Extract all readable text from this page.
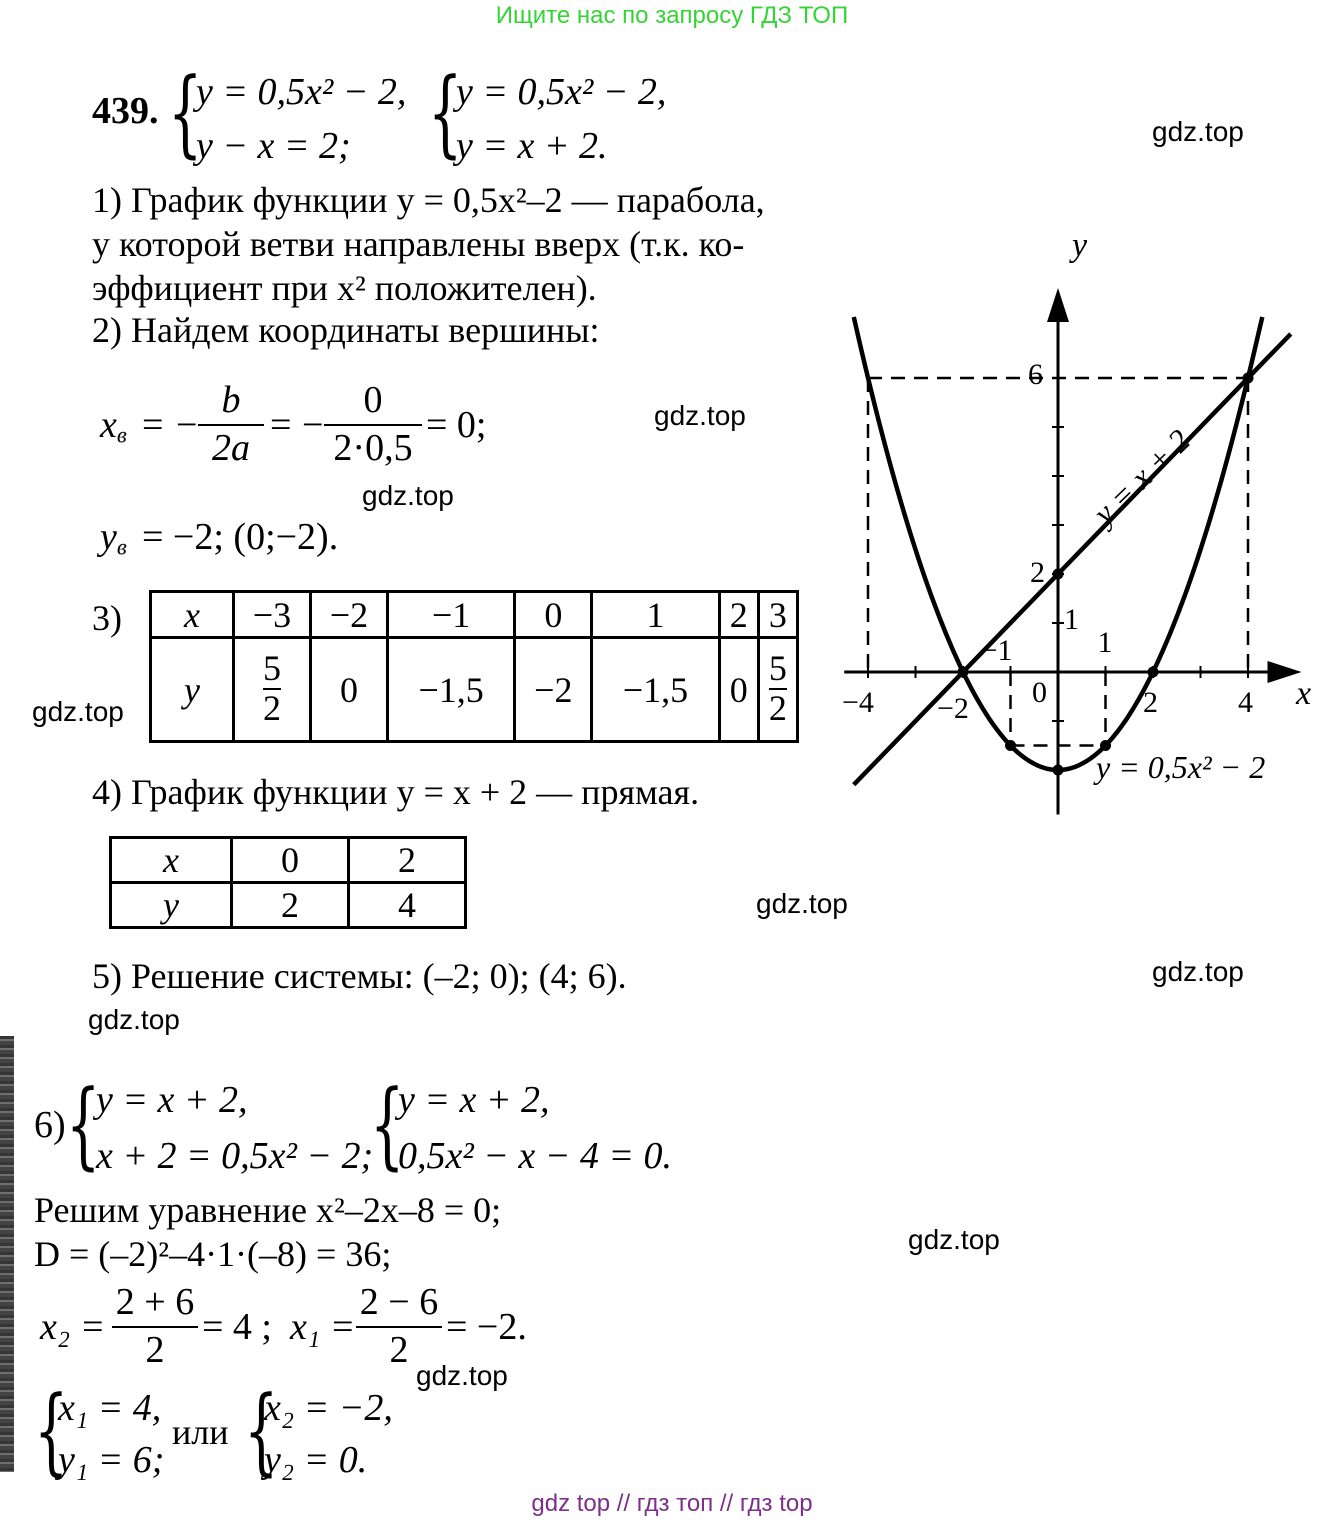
Ищите нас по запросу ГДЗ ТОП
439. {
y = 0,5x² − 2,
y − x = 2; {
y = 0,5x² − 2,
y = x + 2.
1) График функции y = 0,5x²–2 — парабола,
у которой ветви направлены вверх (т.к. ко-
эффициент при x² положителен).
2) Найдем координаты вершины:
$x_в$ = −
b
2a
= −
0
2·0,5
= 0;
$y_в = -2$; (0;−2).
3) x	−3	−2	−1	0	1	2	3
y	$\frac{5}{2}$	0	−1,5	−2	−1,5	0	$\frac{5}{2}$
4) График функции y = x + 2 — прямая.
x	0	2
y	2	4
5) Решение системы: (–2; 0); (4; 6).
6) {
y = x + 2,
x + 2 = 0,5x² − 2;
{
y = x + 2,
0,5x² − x − 4 = 0.
Решим уравнение x²–2x–8 = 0;
D = (–2)²–4·1·(–8) = 36;
x₂ =
2 + 6
2
= 4 ; x₁ =
2 − 6
2
= −2.
{
x₁ = 4,
y₁ = 6;
или {
x₂ = −2,
y₂ = 0.
gdz.top
gdz.top
gdz.top
gdz.top
gdz.top
gdz.top
gdz.top
gdz.top
gdz.top
gdz top // гдз топ // гдз top
x
y
−4 −2 0	2	4
−1	1
6
2
1
y = 0,5x² − 2
y = x + 2
